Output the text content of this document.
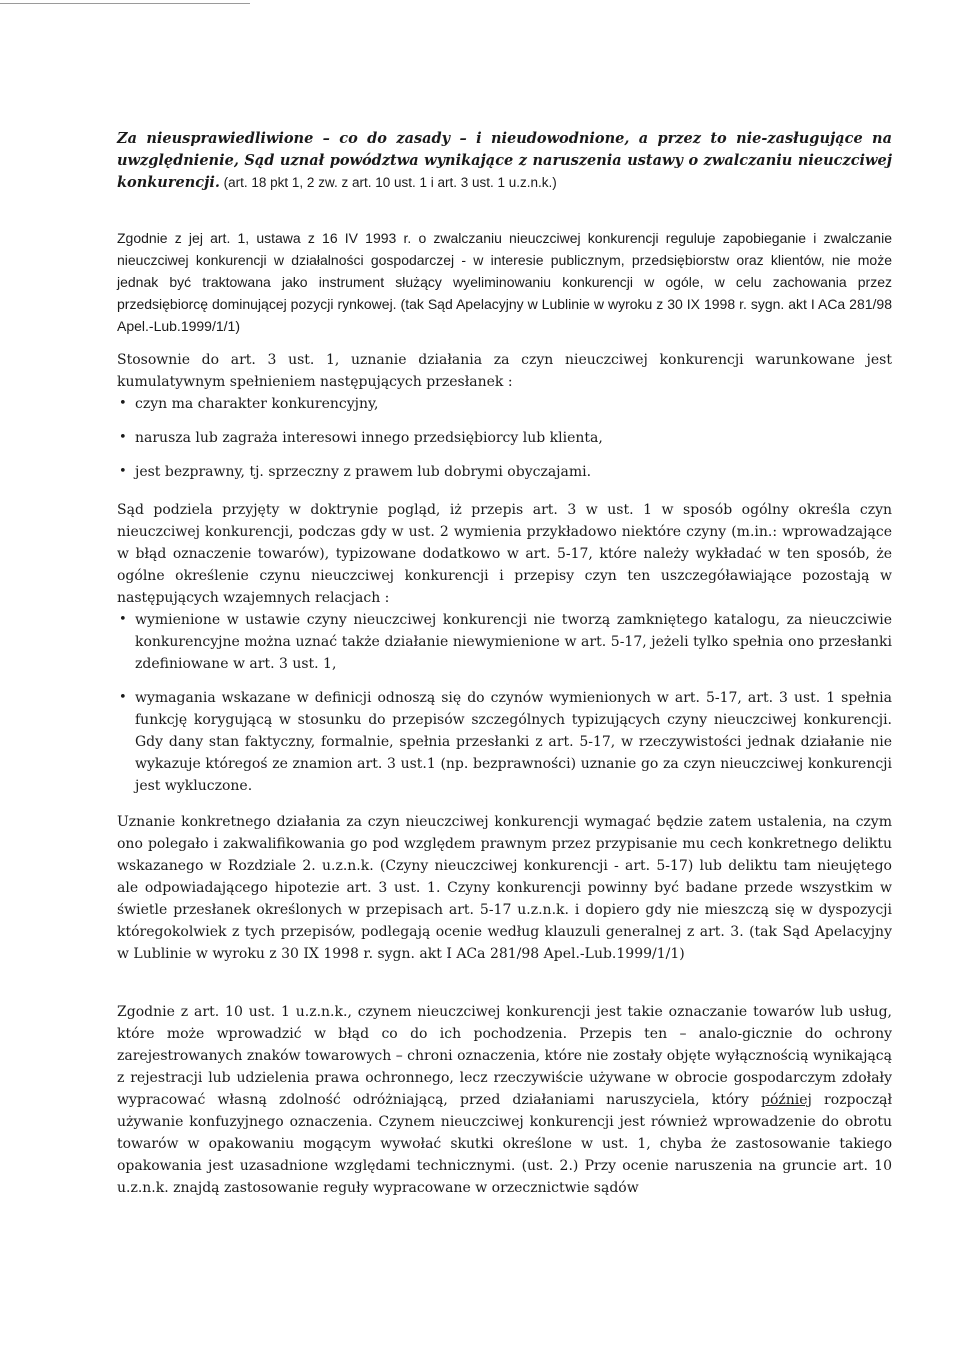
Za nieusprawiedliwione – co do zasady – i nieudowodnione, a przez to nie-zasługujące na uwzględnienie, Sąd uznał powództwa wynikające z naruszenia ustawy o zwalczaniu nieuczciwej konkurencji. (art. 18 pkt 1, 2 zw. z art. 10 ust. 1 i art. 3 ust. 1 u.z.n.k.)

Zgodnie z jej art. 1, ustawa z 16 IV 1993 r. o zwalczaniu nieuczciwej konkurencji reguluje zapobieganie i zwalczanie nieuczciwej konkurencji w działalności gospodarczej - w interesie publicznym, przedsiębiorstw oraz klientów, nie może jednak być traktowana jako instrument służący wyeliminowaniu konkurencji w ogóle, w celu zachowania przez przedsiębiorcę dominującej pozycji rynkowej. (tak Sąd Apelacyjny w Lublinie w wyroku z 30 IX 1998 r. sygn. akt I ACa 281/98 Apel.-Lub.1999/1/1)

Stosownie do art. 3 ust. 1, uznanie działania za czyn nieuczciwej konkurencji warunkowane jest kumulatywnym spełnieniem następujących przesłanek :

• czyn ma charakter konkurencyjny,
• narusza lub zagraża interesowi innego przedsiębiorcy lub klienta,
• jest bezprawny, tj. sprzeczny z prawem lub dobrymi obyczajami.

Sąd podziela przyjęty w doktrynie pogląd, iż przepis art. 3 w ust. 1 w sposób ogólny określa czyn nieuczciwej konkurencji, podczas gdy w ust. 2 wymienia przykładowo niektóre czyny (m.in.: wprowadzające w błąd oznaczenie towarów), typizowane dodatkowo w art. 5-17, które należy wykładać w ten sposób, że ogólne określenie czynu nieuczciwej konkurencji i przepisy czyn ten uszczegóławiające pozostają w następujących wzajemnych relacjach :

• wymienione w ustawie czyny nieuczciwej konkurencji nie tworzą zamkniętego katalogu, za nieuczciwie konkurencyjne można uznać także działanie niewymienione w art. 5-17, jeżeli tylko spełnia ono przesłanki zdefiniowane w art. 3 ust. 1,
• wymagania wskazane w definicji odnoszą się do czynów wymienionych w art. 5-17, art. 3 ust. 1 spełnia funkcję korygującą w stosunku do przepisów szczególnych typizujących czyny nieuczciwej konkurencji. Gdy dany stan faktyczny, formalnie, spełnia przesłanki z art. 5-17, w rzeczywistości jednak działanie nie wykazuje któregoś ze znamion art. 3 ust.1 (np. bezprawności) uznanie go za czyn nieuczciwej konkurencji jest wykluczone.

Uznanie konkretnego działania za czyn nieuczciwej konkurencji wymagać będzie zatem ustalenia, na czym ono polegało i zakwalifikowania go pod względem prawnym przez przypisanie mu cech konkretnego deliktu wskazanego w Rozdziale 2. u.z.n.k. (Czyny nieuczciwej konkurencji - art. 5-17) lub deliktu tam nieujętego ale odpowiadającego hipotezie art. 3 ust. 1. Czyny konkurencji powinny być badane przede wszystkim w świetle przesłanek określonych w przepisach art. 5-17 u.z.n.k. i dopiero gdy nie mieszczą się w dyspozycji któregokolwiek z tych przepisów, podlegają ocenie według klauzuli generalnej z art. 3. (tak Sąd Apelacyjny w Lublinie w wyroku z 30 IX 1998 r. sygn. akt I ACa 281/98 Apel.-Lub.1999/1/1)

Zgodnie z art. 10 ust. 1 u.z.n.k., czynem nieuczciwej konkurencji jest takie oznaczanie towarów lub usług, które może wprowadzić w błąd co do ich pochodzenia. Przepis ten – analo-gicznie do ochrony zarejestrowanych znaków towarowych – chroni oznaczenia, które nie zostały objęte wyłącznością wynikającą z rejestracji lub udzielenia prawa ochronnego, lecz rzeczywiście używane w obrocie gospodarczym zdołały wypracować własną zdolność odróżniającą, przed działaniami naruszyciela, który później rozpoczął używanie konfuzyjnego oznaczenia. Czynem nieuczciwej konkurencji jest również wprowadzenie do obrotu towarów w opakowaniu mogącym wywołać skutki określone w ust. 1, chyba że zastosowanie takiego opakowania jest uzasadnione względami technicznymi. (ust. 2.) Przy ocenie naruszenia na gruncie art. 10 u.z.n.k. znajdą zastosowanie reguły wypracowane w orzecznictwie sądów
